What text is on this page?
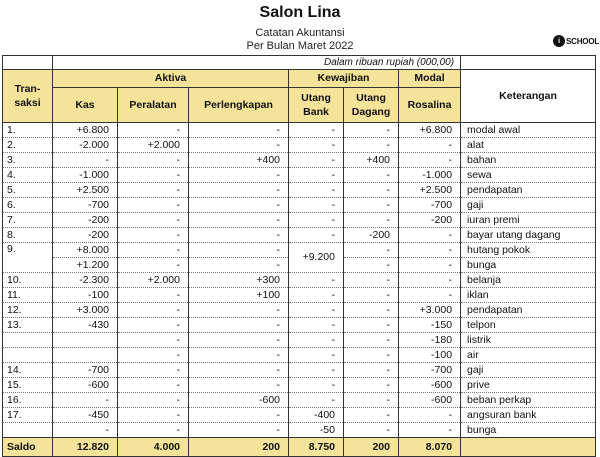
Salon Lina
Catatan Akuntansi
Per Bulan Maret 2022	i SCHOOL
	Dalam ribuan rupiah (000,00)						
Tran-saksi	Aktiva			Kewajiban		Modal	Keterangan
	Kas	Peralatan	Perlengkapan	Utang Bank	Utang Dagang	Rosalina	
1.	+6.800	-	-	-	-	+6.800	modal awal
2.	-2.000	+2.000	-	-	-	-	alat
3.	-	-	+400	-	+400	-	bahan
4.	-1.000	-	-	-	-	-1.000	sewa
5.	+2.500	-	-	-	-	+2.500	pendapatan
6.	-700	-	-	-	-	-700	gaji
7.	-200	-	-	-	-	-200	iuran premi
8.	-200	-	-	-	-200	-	bayar utang dagang
9.	+8.000	-	-	+9.200	-	-	hutang pokok
	+1.200	-	-		-	-	bunga
10.	-2.300	+2.000	+300	-	-	-	belanja
11.	-100	-	+100	-	-	-	iklan
12.	+3.000	-	-	-	-	+3.000	pendapatan
13.	-430	-	-	-	-	-150	telpon
		-	-	-	-	-180	listrik
		-	-	-	-	-100	air
14.	-700	-	-	-	-	-700	gaji
15.	-600	-	-	-	-	-600	prive
16.	-	-	-600	-	-	-600	beban perkap
17.	-450	-	-	-400	-	-	angsuran bank
	-	-	-	-50	-	-	bunga
Saldo	12.820	4.000	200	8.750	200	8.070	
